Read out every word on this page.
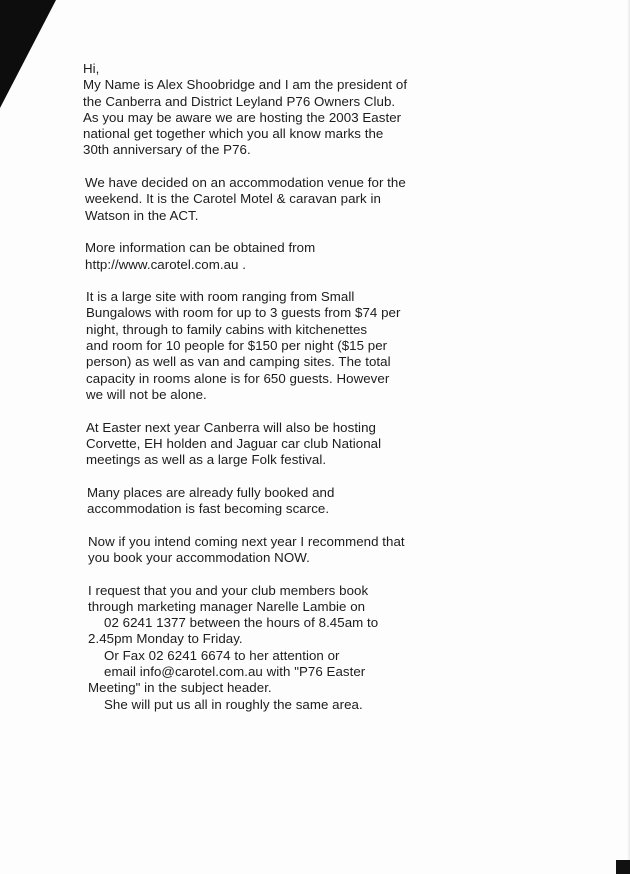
Hi,
My Name is Alex Shoobridge and I am the president of
the Canberra and District Leyland P76 Owners Club.
As you may be aware we are hosting the 2003 Easter
national get together which you all know marks the
30th anniversary of the P76.
We have decided on an accommodation venue for the
weekend. It is the Carotel Motel & caravan park in
Watson in the ACT.
More information can be obtained from
http://www.carotel.com.au .
It is a large site with room ranging from Small
Bungalows with room for up to 3 guests from $74 per
night, through to family cabins with kitchenettes
and room for 10 people for $150 per night ($15 per
person) as well as van and camping sites. The total
capacity in rooms alone is for 650 guests. However
we will not be alone.
At Easter next year Canberra will also be hosting
Corvette, EH holden and Jaguar car club National
meetings as well as a large Folk festival.
Many places are already fully booked and
accommodation is fast becoming scarce.
Now if you intend coming next year I recommend that
you book your accommodation NOW.
I request that you and your club members book
through marketing manager Narelle Lambie on
02 6241 1377 between the hours of 8.45am to
2.45pm Monday to Friday.
Or Fax 02 6241 6674 to her attention or
email info@carotel.com.au with "P76 Easter
Meeting" in the subject header.
She will put us all in roughly the same area.
